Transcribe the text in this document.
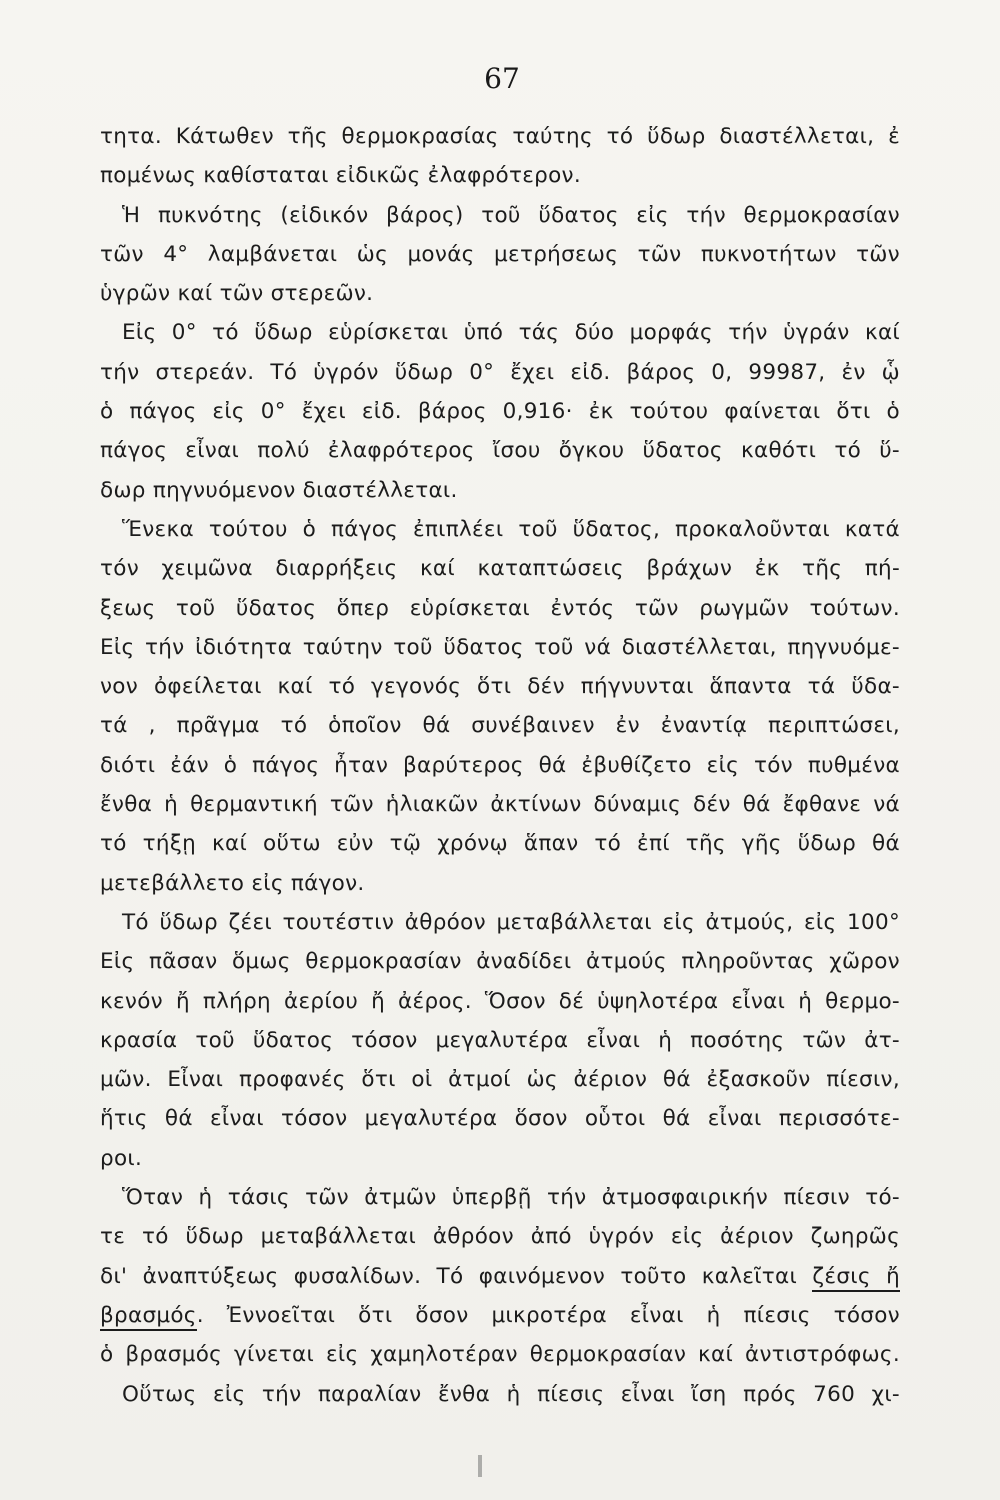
67
τητα. Κάτωθεν τῆς θερμοκρασίας ταύτης τό ὕδωρ διαστέλλεται, ἐ
πομένως καθίσταται εἰδικῶς ἐλαφρότερον.
Ἡ πυκνότης (εἰδικόν βάρος) τοῦ ὕδατος εἰς τήν θερμοκρασίαν
τῶν 4° λαμβάνεται ὡς μονάς μετρήσεως τῶν πυκνοτήτων τῶν
ὑγρῶν καί τῶν στερεῶν.
Εἰς 0° τό ὕδωρ εὑρίσκεται ὑπό τάς δύο μορφάς τήν ὑγράν καί
τήν στερεάν. Τό ὑγρόν ὕδωρ 0° ἔχει εἰδ. βάρος 0, 99987, ἐν ᾧ
ὁ πάγος εἰς 0° ἔχει εἰδ. βάρος 0,916· ἐκ τούτου φαίνεται ὅτι ὁ
πάγος εἶναι πολύ ἐλαφρότερος ἴσου ὄγκου ὕδατος καθότι τό ὕ-
δωρ πηγνυόμενον διαστέλλεται.
Ἕνεκα τούτου ὁ πάγος ἐπιπλέει τοῦ ὕδατος, προκαλοῦνται κατά
τόν χειμῶνα διαρρήξεις καί καταπτώσεις βράχων ἐκ τῆς πή-
ξεως τοῦ ὕδατος ὅπερ εὑρίσκεται ἐντός τῶν ρωγμῶν τούτων.
Εἰς τήν ἰδιότητα ταύτην τοῦ ὕδατος τοῦ νά διαστέλλεται, πηγνυόμε-
νον ὀφείλεται καί τό γεγονός ὅτι δέν πήγνυνται ἅπαντα τά ὕδα-
τά , πρᾶγμα τό ὁποῖον θά συνέβαινεν ἐν ἐναντίᾳ περιπτώσει,
διότι ἐάν ὁ πάγος ἦταν βαρύτερος θά ἐβυθίζετο εἰς τόν πυθμένα
ἔνθα ἡ θερμαντική τῶν ἡλιακῶν ἀκτίνων δύναμις δέν θά ἔφθανε νά
τό τήξῃ καί οὕτω εὐν τῷ χρόνῳ ἅπαν τό ἐπί τῆς γῆς ὕδωρ θά
μετεβάλλετο εἰς πάγον.
Τό ὕδωρ ζέει τουτέστιν ἀθρόον μεταβάλλεται εἰς ἀτμούς, εἰς 100°
Εἰς πᾶσαν ὅμως θερμοκρασίαν ἀναδίδει ἀτμούς πληροῦντας χῶρον
κενόν ἤ πλήρη ἀερίου ἤ ἀέρος. Ὅσον δέ ὑψηλοτέρα εἶναι ἡ θερμο-
κρασία τοῦ ὕδατος τόσον μεγαλυτέρα εἶναι ἡ ποσότης τῶν ἀτ-
μῶν. Εἶναι προφανές ὅτι οἱ ἀτμοί ὡς ἀέριον θά ἐξασκοῦν πίεσιν,
ἥτις θά εἶναι τόσον μεγαλυτέρα ὅσον οὗτοι θά εἶναι περισσότε-
ροι.
Ὅταν ἡ τάσις τῶν ἀτμῶν ὑπερβῇ τήν ἀτμοσφαιρικήν πίεσιν τό-
τε τό ὕδωρ μεταβάλλεται ἀθρόον ἀπό ὑγρόν εἰς ἀέριον ζωηρῶς
δι' ἀναπτύξεως φυσαλίδων. Τό φαινόμενον τοῦτο καλεῖται ζέσις ἤ
βρασμός. Ἐννοεῖται ὅτι ὅσον μικροτέρα εἶναι ἡ πίεσις τόσον
ὁ βρασμός γίνεται εἰς χαμηλοτέραν θερμοκρασίαν καί ἀντιστρόφως.
Οὕτως εἰς τήν παραλίαν ἔνθα ἡ πίεσις εἶναι ἴση πρός 760 χι-
